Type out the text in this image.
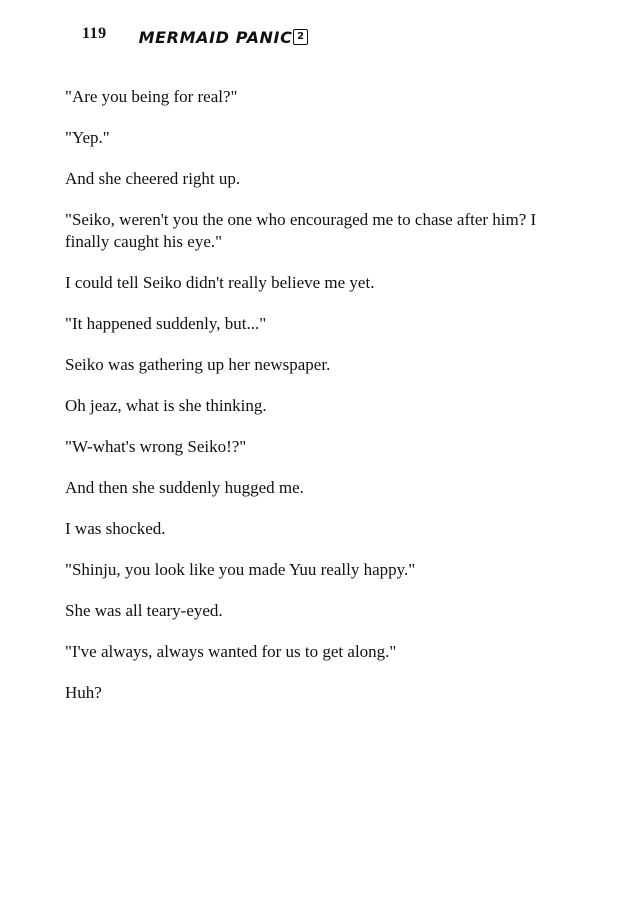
119 MERMAID PANIC 2

"Are you being for real?"

"Yep."

And she cheered right up.

"Seiko, weren't you the one who encouraged me to chase after him? I finally caught his eye."

I could tell Seiko didn't really believe me yet.

"It happened suddenly, but..."

Seiko was gathering up her newspaper.

Oh jeaz, what is she thinking.

"W-what's wrong Seiko!?"

And then she suddenly hugged me.

I was shocked.

"Shinju, you look like you made Yuu really happy."

She was all teary-eyed.

"I've always, always wanted for us to get along."

Huh?
